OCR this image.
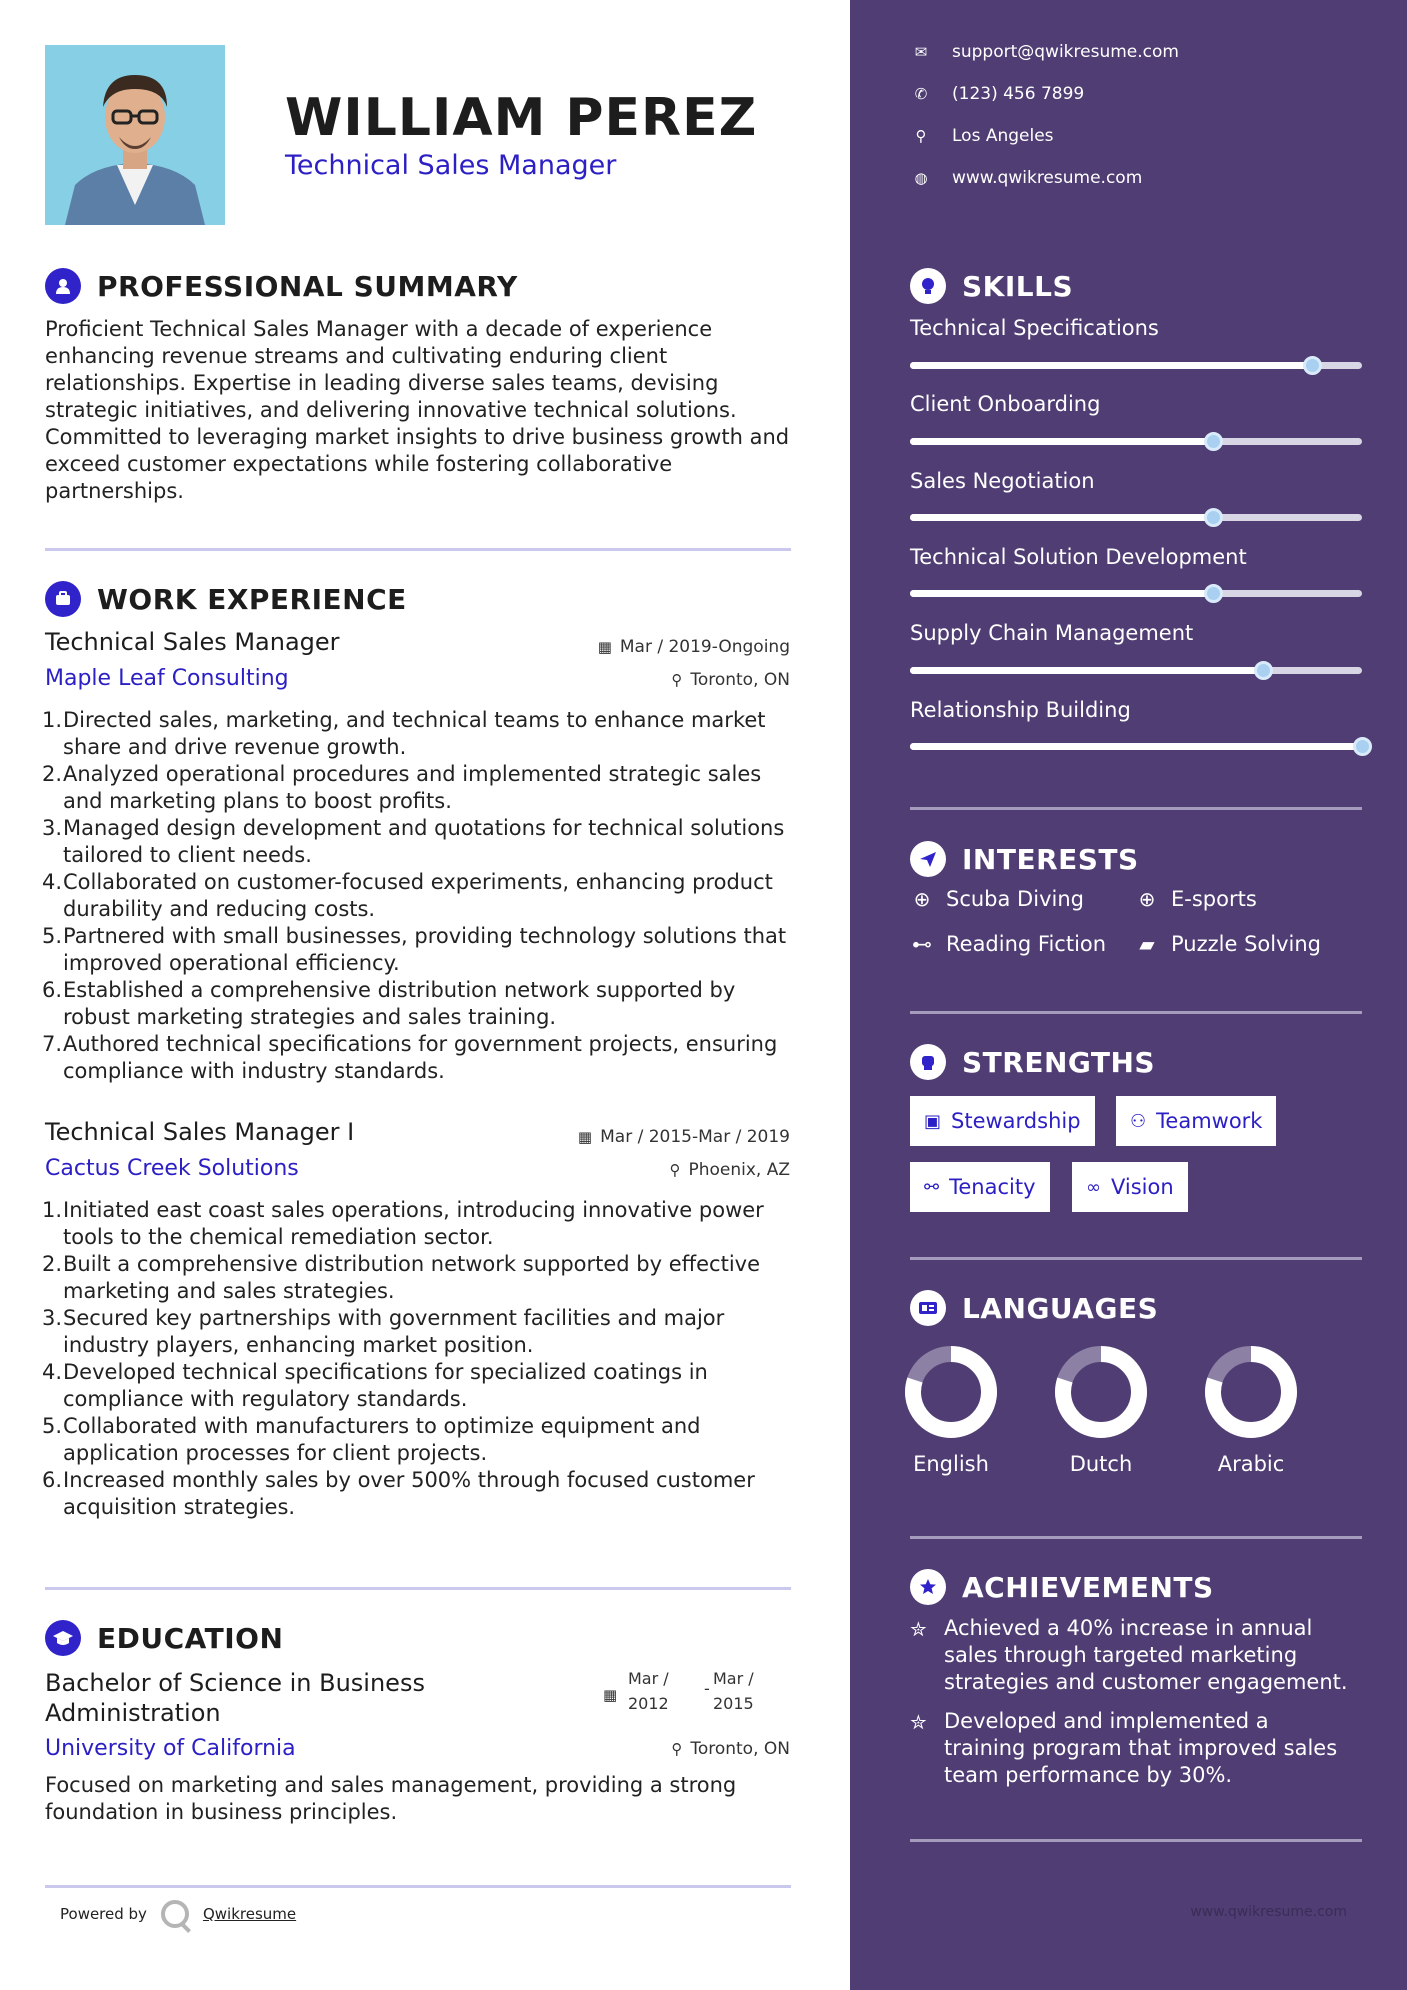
WILLIAM PEREZ
Technical Sales Manager
PROFESSIONAL SUMMARY
Proficient Technical Sales Manager with a decade of experience
enhancing revenue streams and cultivating enduring client
relationships. Expertise in leading diverse sales teams, devising
strategic initiatives, and delivering innovative technical solutions.
Committed to leveraging market insights to drive business growth and
exceed customer expectations while fostering collaborative
partnerships.
WORK EXPERIENCE
Technical Sales Manager
Maple Leaf Consulting
▦ Mar / 2019-Ongoing
⚲ Toronto, ON
1. Directed sales, marketing, and technical teams to enhance market
share and drive revenue growth.
2. Analyzed operational procedures and implemented strategic sales
and marketing plans to boost profits.
3. Managed design development and quotations for technical solutions
tailored to client needs.
4. Collaborated on customer-focused experiments, enhancing product
durability and reducing costs.
5. Partnered with small businesses, providing technology solutions that
improved operational efficiency.
6. Established a comprehensive distribution network supported by
robust marketing strategies and sales training.
7. Authored technical specifications for government projects, ensuring
compliance with industry standards.
Technical Sales Manager I
Cactus Creek Solutions
▦ Mar / 2015-Mar / 2019
⚲ Phoenix, AZ
1. Initiated east coast sales operations, introducing innovative power
tools to the chemical remediation sector.
2. Built a comprehensive distribution network supported by effective
marketing and sales strategies.
3. Secured key partnerships with government facilities and major
industry players, enhancing market position.
4. Developed technical specifications for specialized coatings in
compliance with regulatory standards.
5. Collaborated with manufacturers to optimize equipment and
application processes for client projects.
6. Increased monthly sales by over 500% through focused customer
acquisition strategies.
EDUCATION
Bachelor of Science in Business
Administration
University of California
▦
Mar /
2012
-
Mar /
2015
⚲ Toronto, ON
Focused on marketing and sales management, providing a strong
foundation in business principles.
Powered by	Qwikresume
✉ support@qwikresume.com
✆ (123) 456 7899
⚲	Los Angeles
◍ www.qwikresume.com
SKILLS
Technical Specifications
Client Onboarding
Sales Negotiation
Technical Solution Development
Supply Chain Management
Relationship Building
INTERESTS
⊕ Scuba Diving	⊕ E-sports
⊷ Reading Fiction ▰ Puzzle Solving
STRENGTHS
▣ Stewardship	⚇ Teamwork
⚯ Tenacity	∞ Vision
LANGUAGES
English	Dutch	Arabic
ACHIEVEMENTS
✮ Achieved a 40% increase in annual
sales through targeted marketing
strategies and customer engagement.
✮ Developed and implemented a
training program that improved sales
team performance by 30%.
www.qwikresume.com
